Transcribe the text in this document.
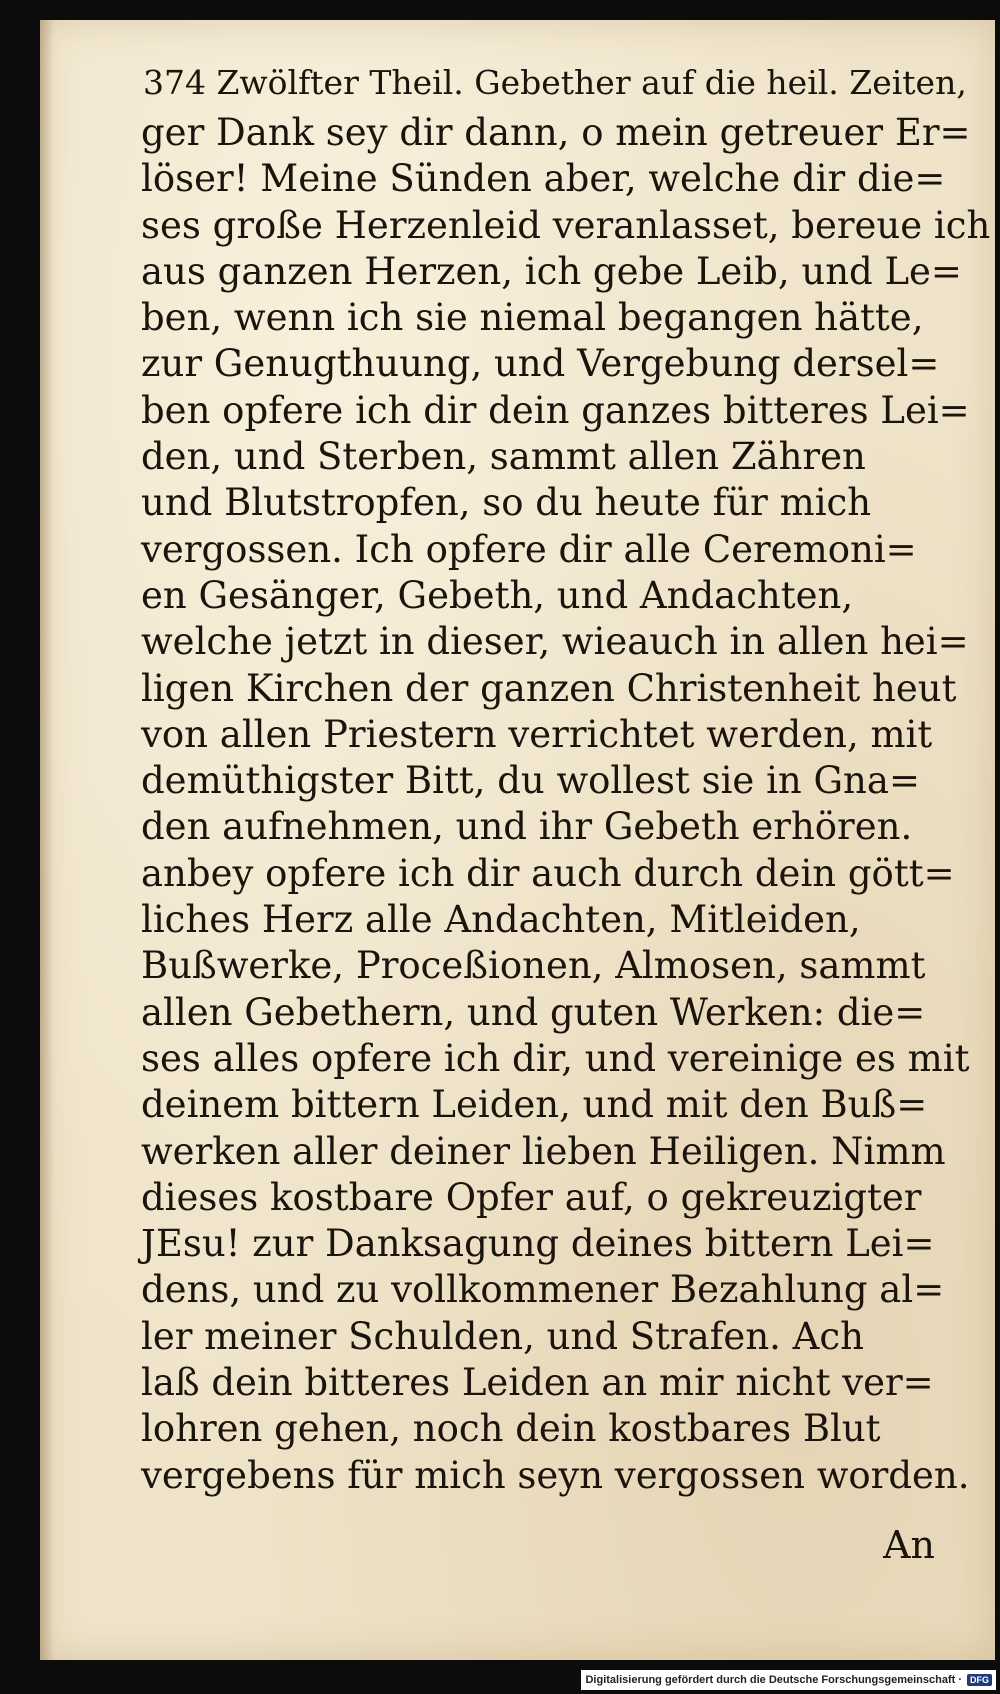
374 Zwölfter Theil. Gebether auf die heil. Zeiten,
ger Dank sey dir dann, o mein getreuer Er=
löser! Meine Sünden aber, welche dir die=
ses große Herzenleid veranlasset, bereue ich
aus ganzen Herzen, ich gebe Leib, und Le=
ben, wenn ich sie niemal begangen hätte,
zur Genugthuung, und Vergebung dersel=
ben opfere ich dir dein ganzes bitteres Lei=
den, und Sterben, sammt allen Zähren
und Blutstropfen, so du heute für mich
vergossen. Ich opfere dir alle Ceremoni=
en Gesänger, Gebeth, und Andachten,
welche jetzt in dieser, wieauch in allen hei=
ligen Kirchen der ganzen Christenheit heut
von allen Priestern verrichtet werden, mit
demüthigster Bitt, du wollest sie in Gna=
den aufnehmen, und ihr Gebeth erhören.
anbey opfere ich dir auch durch dein gött=
liches Herz alle Andachten, Mitleiden,
Bußwerke, Proceßionen, Almosen, sammt
allen Gebethern, und guten Werken: die=
ses alles opfere ich dir, und vereinige es mit
deinem bittern Leiden, und mit den Buß=
werken aller deiner lieben Heiligen. Nimm
dieses kostbare Opfer auf, o gekreuzigter
JEsu! zur Danksagung deines bittern Lei=
dens, und zu vollkommener Bezahlung al=
ler meiner Schulden, und Strafen. Ach
laß dein bitteres Leiden an mir nicht ver=
lohren gehen, noch dein kostbares Blut
vergebens für mich seyn vergossen worden.
An
Digitalisierung gefördert durch die Deutsche Forschungsgemeinschaft · DFG
